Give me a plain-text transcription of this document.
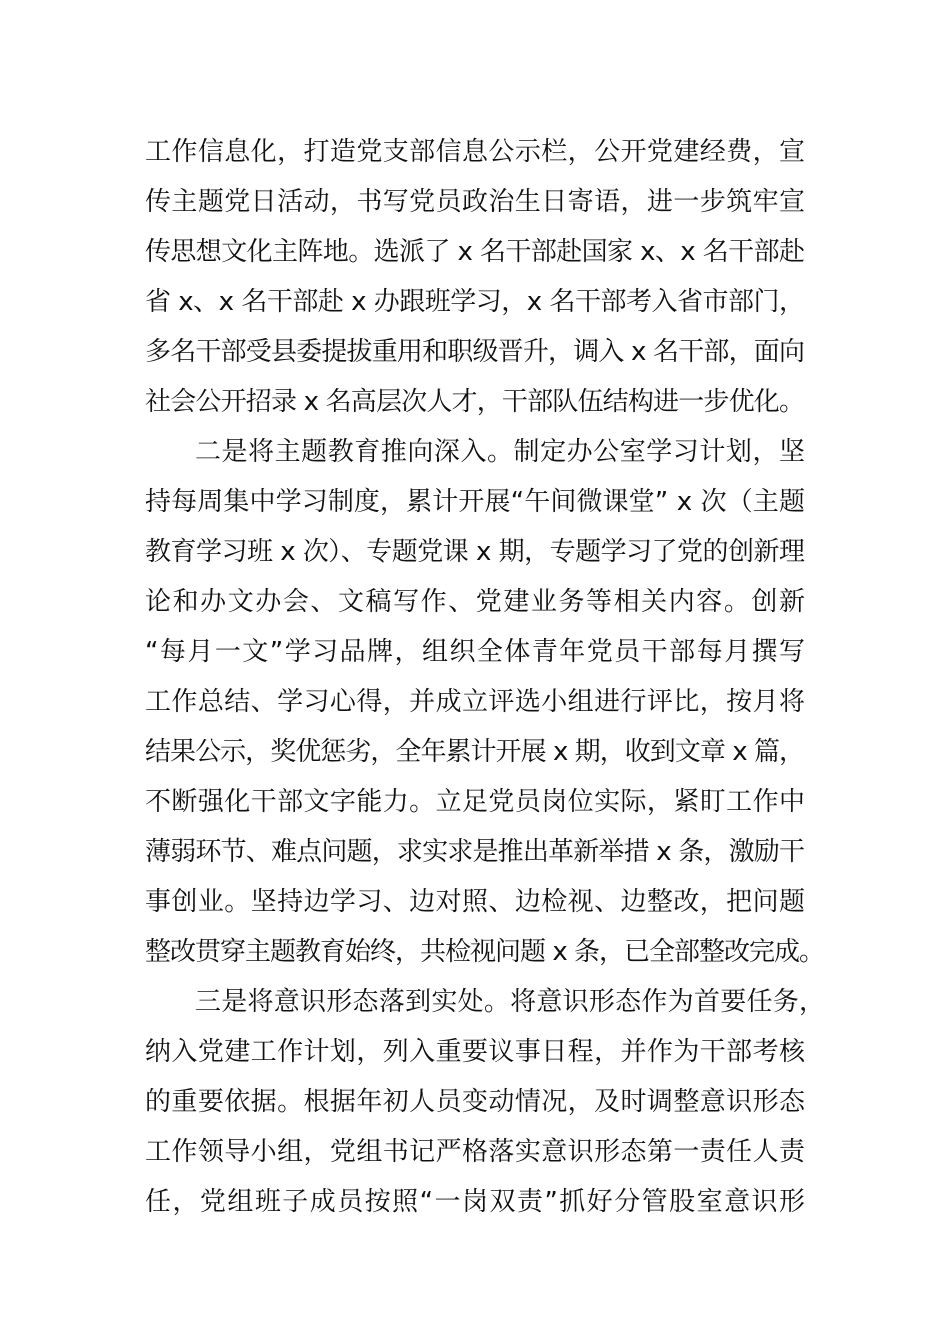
工作信息化，打造党支部信息公示栏，公开党建经费，宣
传主题党日活动，书写党员政治生日寄语，进一步筑牢宣
传思想文化主阵地。选派了 x 名干部赴国家 x、x 名干部赴
省 x、x 名干部赴 x 办跟班学习，x 名干部考入省市部门，
多名干部受县委提拔重用和职级晋升，调入 x 名干部，面向
社会公开招录 x 名高层次人才，干部队伍结构进一步优化。
二是将主题教育推向深入。制定办公室学习计划，坚
持每周集中学习制度，累计开展“午间微课堂” x 次（主题
教育学习班 x 次）、专题党课 x 期，专题学习了党的创新理
论和办文办会、文稿写作、党建业务等相关内容。创新
“每月一文”学习品牌，组织全体青年党员干部每月撰写
工作总结、学习心得，并成立评选小组进行评比，按月将
结果公示，奖优惩劣，全年累计开展 x 期，收到文章 x 篇，
不断强化干部文字能力。立足党员岗位实际，紧盯工作中
薄弱环节、难点问题，求实求是推出革新举措 x 条，激励干
事创业。坚持边学习、边对照、边检视、边整改，把问题
整改贯穿主题教育始终，共检视问题 x 条，已全部整改完成。
三是将意识形态落到实处。将意识形态作为首要任务，
纳入党建工作计划，列入重要议事日程，并作为干部考核
的重要依据。根据年初人员变动情况，及时调整意识形态
工作领导小组，党组书记严格落实意识形态第一责任人责
任，党组班子成员按照“一岗双责”抓好分管股室意识形
